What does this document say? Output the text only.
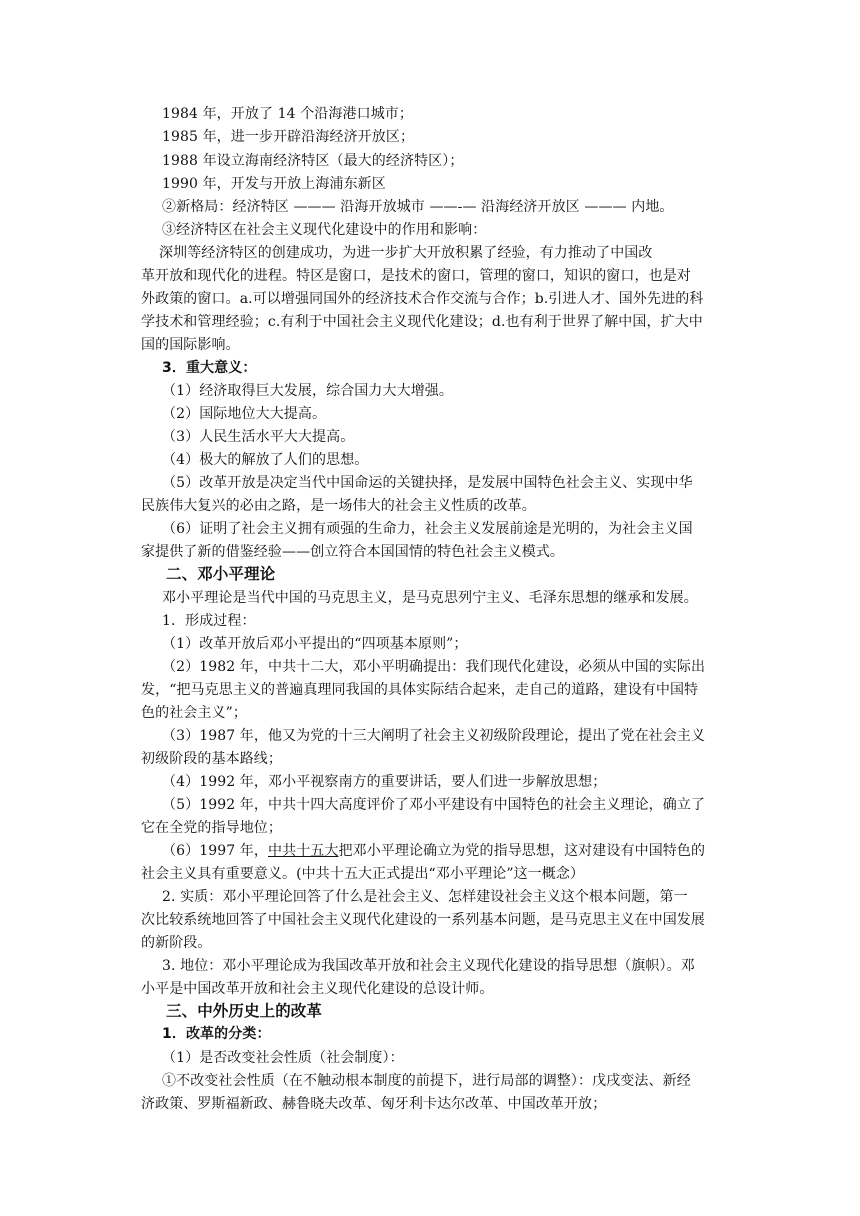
1984 年，开放了 14 个沿海港口城市；
1985 年，进一步开辟沿海经济开放区；
1988 年设立海南经济特区（最大的经济特区）；
1990 年，开发与开放上海浦东新区
②新格局：经济特区 ——— 沿海开放城市 ——-— 沿海经济开放区 ——— 内地。
③经济特区在社会主义现代化建设中的作用和影响：
深圳等经济特区的创建成功，为进一步扩大开放积累了经验，有力推动了中国改
革开放和现代化的进程。特区是窗口，是技术的窗口，管理的窗口，知识的窗口，也是对
外政策的窗口。a.可以增强同国外的经济技术合作交流与合作；b.引进人才、国外先进的科
学技术和管理经验；c.有利于中国社会主义现代化建设；d.也有利于世界了解中国，扩大中
国的国际影响。
3．重大意义：
（1）经济取得巨大发展，综合国力大大增强。
（2）国际地位大大提高。
（3）人民生活水平大大提高。
（4）极大的解放了人们的思想。
（5）改革开放是决定当代中国命运的关键抉择，是发展中国特色社会主义、实现中华
民族伟大复兴的必由之路，是一场伟大的社会主义性质的改革。
（6）证明了社会主义拥有顽强的生命力，社会主义发展前途是光明的，为社会主义国
家提供了新的借鉴经验——创立符合本国国情的特色社会主义模式。
二、邓小平理论
邓小平理论是当代中国的马克思主义，是马克思列宁主义、毛泽东思想的继承和发展。
1．形成过程：
（1）改革开放后邓小平提出的“四项基本原则”；
（2）1982 年，中共十二大，邓小平明确提出：我们现代化建设，必须从中国的实际出
发，“把马克思主义的普遍真理同我国的具体实际结合起来，走自己的道路，建设有中国特
色的社会主义”；
（3）1987 年，他又为党的十三大阐明了社会主义初级阶段理论，提出了党在社会主义
初级阶段的基本路线；
（4）1992 年，邓小平视察南方的重要讲话，要人们进一步解放思想；
（5）1992 年，中共十四大高度评价了邓小平建设有中国特色的社会主义理论，确立了
它在全党的指导地位；
（6）1997 年，中共十五大把邓小平理论确立为党的指导思想，这对建设有中国特色的
社会主义具有重要意义。(中共十五大正式提出“邓小平理论”这一概念）
2. 实质：邓小平理论回答了什么是社会主义、怎样建设社会主义这个根本问题，第一
次比较系统地回答了中国社会主义现代化建设的一系列基本问题，是马克思主义在中国发展
的新阶段。
3. 地位：邓小平理论成为我国改革开放和社会主义现代化建设的指导思想（旗帜）。邓
小平是中国改革开放和社会主义现代化建设的总设计师。
三、中外历史上的改革
1．改革的分类：
（1）是否改变社会性质（社会制度）：
①不改变社会性质（在不触动根本制度的前提下，进行局部的调整）：戊戌变法、新经
济政策、罗斯福新政、赫鲁晓夫改革、匈牙利卡达尔改革、中国改革开放；
